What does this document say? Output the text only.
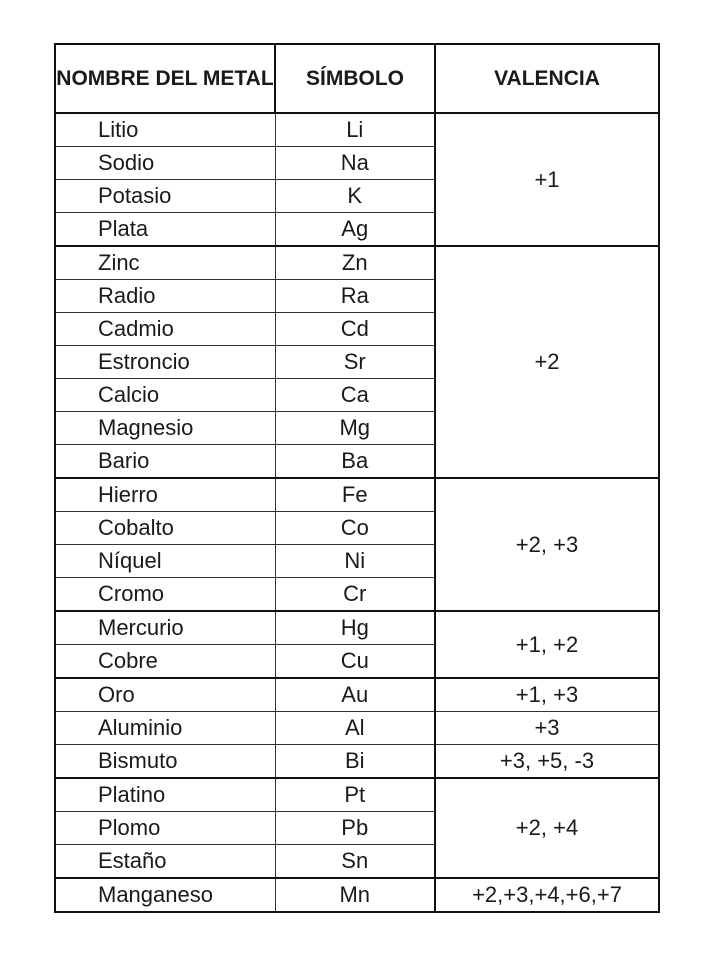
NOMBRE DEL METAL	SÍMBOLO	VALENCIA
Litio	Li	+1
Sodio	Na	
Potasio	K	
Plata	Ag	
Zinc	Zn	+2
Radio	Ra	
Cadmio	Cd	
Estroncio	Sr	
Calcio	Ca	
Magnesio	Mg	
Bario	Ba	
Hierro	Fe	+2, +3
Cobalto	Co	
Níquel	Ni	
Cromo	Cr	
Mercurio	Hg	+1, +2
Cobre	Cu	
Oro	Au	+1, +3
Aluminio	Al	+3
Bismuto	Bi	+3, +5, -3
Platino	Pt	+2, +4
Plomo	Pb	
Estaño	Sn	
Manganeso	Mn	+2,+3,+4,+6,+7
